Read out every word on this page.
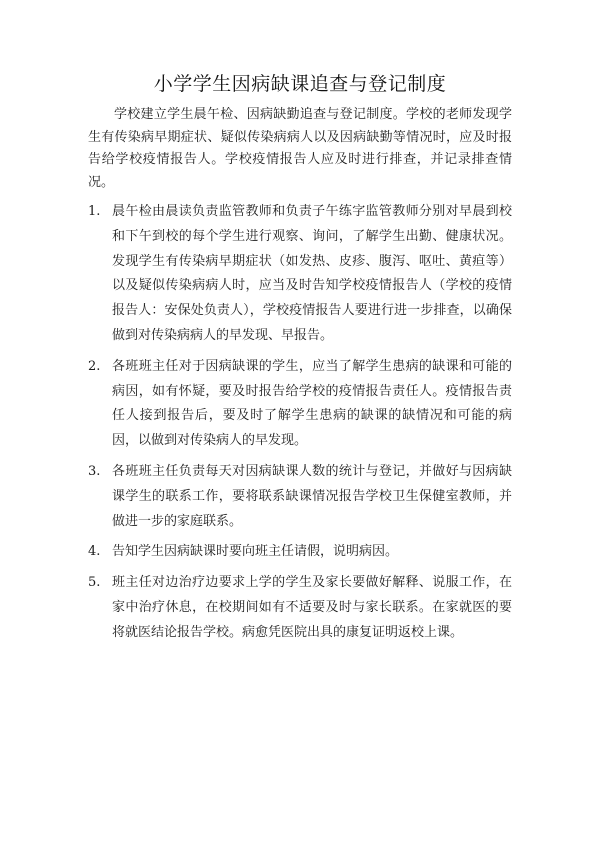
小学学生因病缺课追查与登记制度

学校建立学生晨午检、因病缺勤追查与登记制度。学校的老师发现学生有传染病早期症状、疑似传染病病人以及因病缺勤等情况时，应及时报告给学校疫情报告人。学校疫情报告人应及时进行排查，并记录排查情况。

1. 晨午检由晨读负责监管教师和负责子午练字监管教师分别对早晨到校和下午到校的每个学生进行观察、询问，了解学生出勤、健康状况。发现学生有传染病早期症状（如发热、皮疹、腹泻、呕吐、黄疸等）以及疑似传染病病人时，应当及时告知学校疫情报告人（学校的疫情报告人：安保处负责人），学校疫情报告人要进行进一步排查，以确保做到对传染病病人的早发现、早报告。
2. 各班班主任对于因病缺课的学生，应当了解学生患病的缺课和可能的病因，如有怀疑，要及时报告给学校的疫情报告责任人。疫情报告责任人接到报告后，要及时了解学生患病的缺课的缺情况和可能的病因，以做到对传染病人的早发现。
3. 各班班主任负责每天对因病缺课人数的统计与登记，并做好与因病缺课学生的联系工作，要将联系缺课情况报告学校卫生保健室教师，并做进一步的家庭联系。
4. 告知学生因病缺课时要向班主任请假，说明病因。
5. 班主任对边治疗边要求上学的学生及家长要做好解释、说服工作，在家中治疗休息，在校期间如有不适要及时与家长联系。在家就医的要将就医结论报告学校。病愈凭医院出具的康复证明返校上课。
